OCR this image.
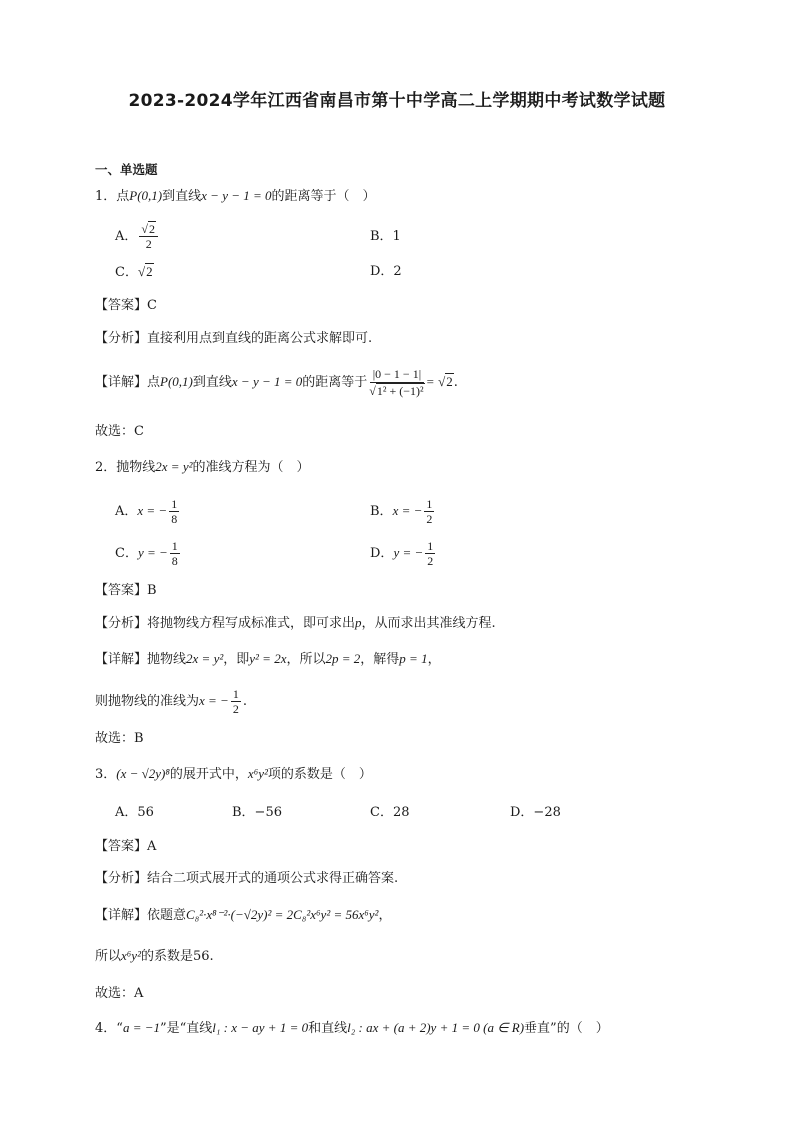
2023-2024学年江西省南昌市第十中学高二上学期期中考试数学试题
一、单选题
1．点P(0,1)到直线x − y − 1 = 0的距离等于（　）
A． $\frac{√2}{2}$	B．1
C．√2	D．2
【答案】C
【分析】直接利用点到直线的距离公式求解即可.
【详解】点P(0,1)到直线x − y − 1 = 0的距离等于 $\frac{|0 - 1 - 1|}{\text{√1² + (−1)²}} = √2$.
故选：C
2．抛物线2x = y²的准线方程为（　）
A．x = − $\frac{1}{8}$	B．x = − $\frac{1}{2}$
C．y = − $\frac{1}{8}$	D．y = − $\frac{1}{2}$
【答案】B
【分析】将抛物线方程写成标准式，即可求出p，从而求出其准线方程.
【详解】抛物线2x = y²，即y² = 2x，所以2p = 2，解得p = 1，
则抛物线的准线为x = − $\frac{1}{2}$ .
故选：B
3．(x − √2y)⁸的展开式中，x⁶y²项的系数是（　）
A．56	B．−56	C．28	D．−28
【答案】A
【分析】结合二项式展开式的通项公式求得正确答案.
【详解】依题意C₈²·x⁸⁻²·(−√2y)² = 2C₈²x⁶y² = 56x⁶y²，
所以x⁶y²的系数是56.
故选：A
4．“a = −1”是“直线l₁ : x − ay + 1 = 0和直线l₂ : ax + (a + 2)y + 1 = 0 (a ∈ R)垂直”的（　）
